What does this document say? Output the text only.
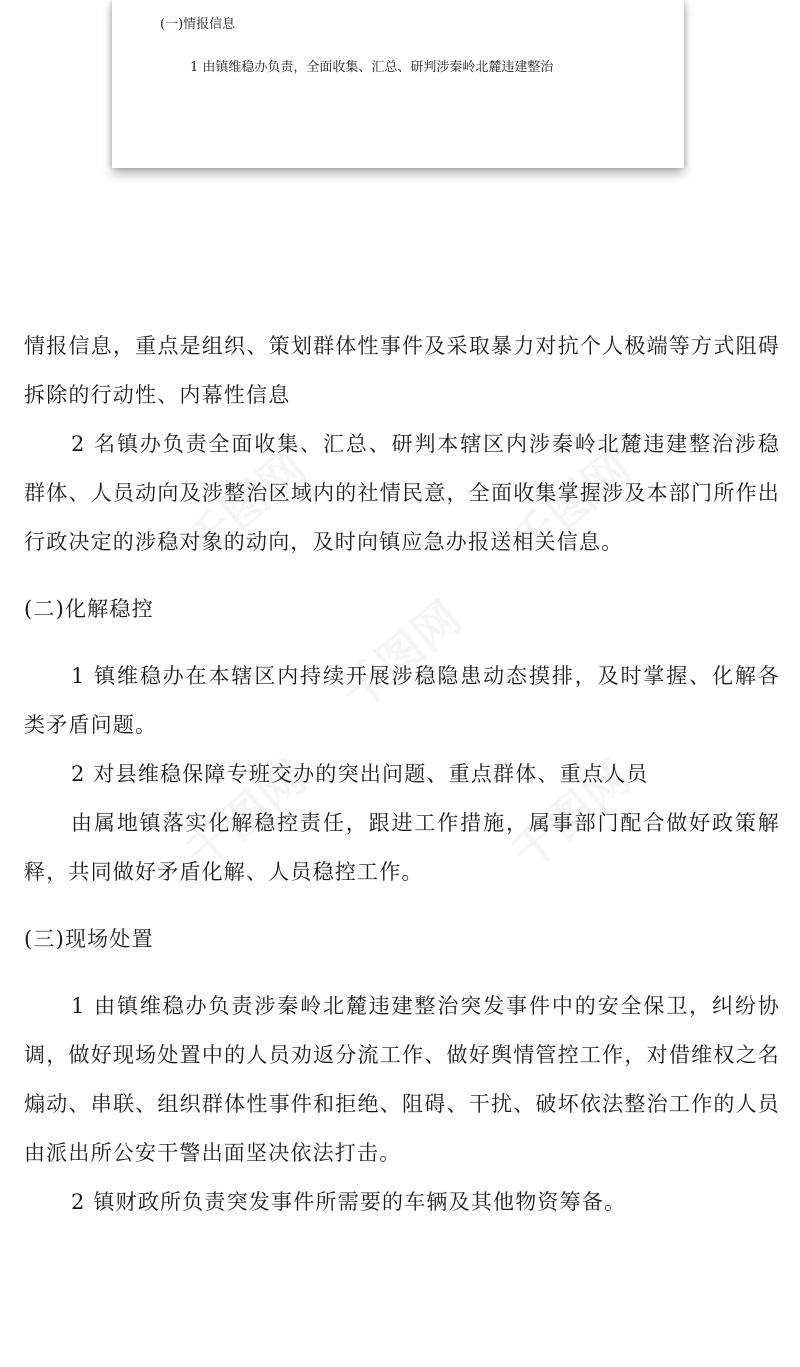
(一)情报信息
1 由镇维稳办负责，全面收集、汇总、研判涉秦岭北麓违建整治
千图网	千图网
千图网
千图网	千图网

情报信息，重点是组织、策划群体性事件及采取暴力对抗个人极端等方式阻碍拆除的行动性、内幕性信息

2 名镇办负责全面收集、汇总、研判本辖区内涉秦岭北麓违建整治涉稳群体、人员动向及涉整治区域内的社情民意，全面收集掌握涉及本部门所作出行政决定的涉稳对象的动向，及时向镇应急办报送相关信息。

(二)化解稳控

1 镇维稳办在本辖区内持续开展涉稳隐患动态摸排，及时掌握、化解各类矛盾问题。

2 对县维稳保障专班交办的突出问题、重点群体、重点人员

由属地镇落实化解稳控责任，跟进工作措施，属事部门配合做好政策解释，共同做好矛盾化解、人员稳控工作。

(三)现场处置

1 由镇维稳办负责涉秦岭北麓违建整治突发事件中的安全保卫，纠纷协调，做好现场处置中的人员劝返分流工作、做好舆情管控工作，对借维权之名煽动、串联、组织群体性事件和拒绝、阻碍、干扰、破坏依法整治工作的人员由派出所公安干警出面坚决依法打击。

2 镇财政所负责突发事件所需要的车辆及其他物资筹备。
